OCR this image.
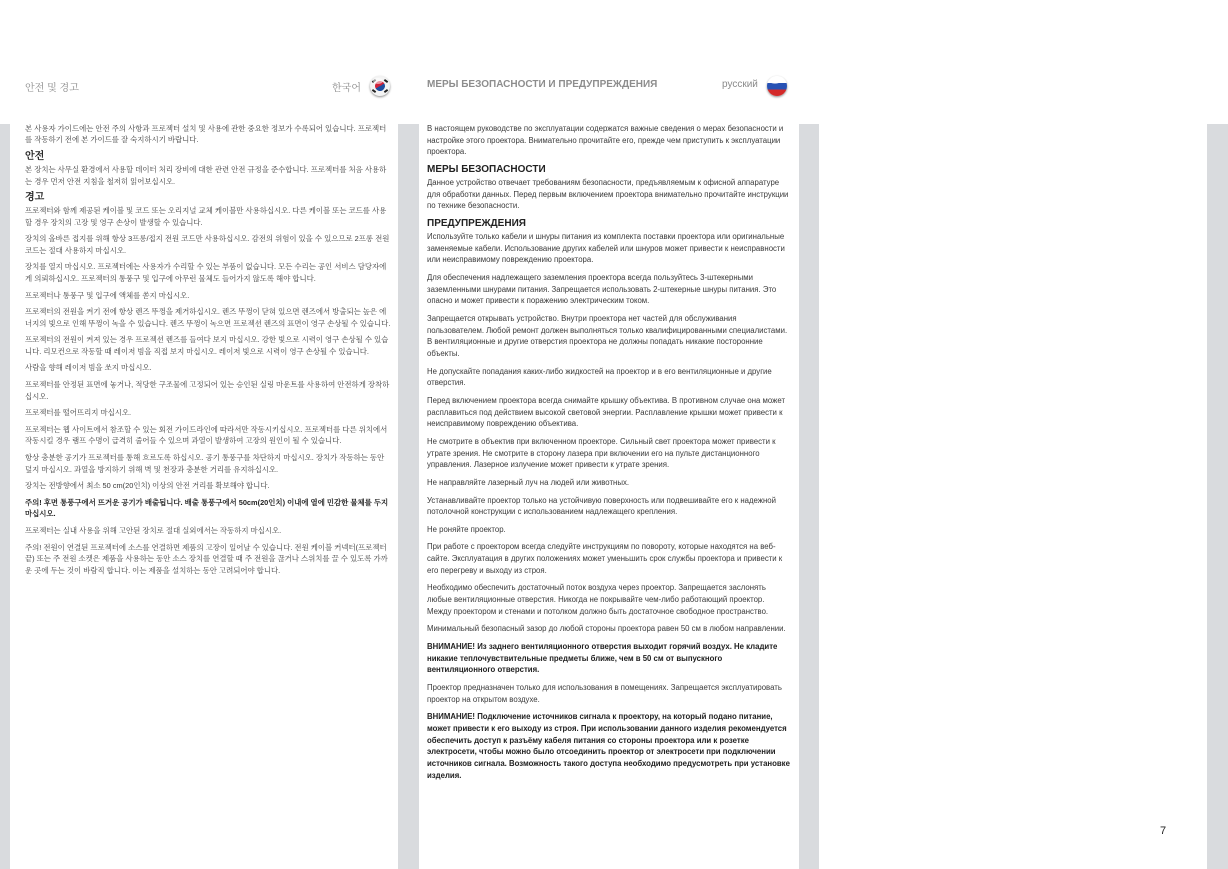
안전 및 경고	한국어	МЕРЫ БЕЗОПАСНОСТИ И ПРЕДУПРЕЖДЕНИЯ	русский

본 사용자 가이드에는 안전 주의 사항과 프로젝터 설치 및 사용에 관한 중요한 정보가 수록되어 있습니다. 프로젝터를 작동하기 전에 본 가이드를 잘 숙지하시기 바랍니다.

안전

본 장치는 사무실 환경에서 사용할 데이터 처리 장비에 대한 관련 안전 규정을 준수합니다. 프로젝터를 처음 사용하는 경우 먼저 안전 지침을 철저히 읽어보십시오.

경고

프로젝터와 함께 제공된 케이블 및 코드 또는 오리지널 교체 케이블만 사용하십시오. 다른 케이블 또는 코드를 사용할 경우 장치의 고장 및 영구 손상이 발생할 수 있습니다.

장치의 올바른 접지를 위해 항상 3프롱/접지 전원 코드만 사용하십시오. 감전의 위험이 있을 수 있으므로 2프롱 전원 코드는 절대 사용하지 마십시오.

장치를 열지 마십시오. 프로젝터에는 사용자가 수리할 수 있는 부품이 없습니다. 모든 수리는 공인 서비스 담당자에게 의뢰하십시오. 프로젝터의 통풍구 및 입구에 아무런 물체도 들어가지 않도록 해야 합니다.

프로젝터나 통풍구 및 입구에 액체를 쏟지 마십시오.

프로젝터의 전원을 켜기 전에 항상 렌즈 뚜껑을 제거하십시오. 렌즈 뚜껑이 닫혀 있으면 렌즈에서 방출되는 높은 에너지의 빛으로 인해 뚜껑이 녹을 수 있습니다. 렌즈 뚜껑이 녹으면 프로젝션 렌즈의 표면이 영구 손상될 수 있습니다.

프로젝터의 전원이 켜져 있는 경우 프로젝션 렌즈를 들여다 보지 마십시오. 강한 빛으로 시력이 영구 손상될 수 있습니다. 리모컨으로 작동할 때 레이저 빔을 직접 보지 마십시오. 레이저 빛으로 시력이 영구 손상될 수 있습니다.

사람을 향해 레이저 빔을 쏘지 마십시오.

프로젝터를 안정된 표면에 놓거나, 적당한 구조물에 고정되어 있는 승인된 실링 마운트를 사용하여 안전하게 장착하십시오.

프로젝터를 떨어뜨리지 마십시오.

프로젝터는 웹 사이트에서 참조할 수 있는 회전 가이드라인에 따라서만 작동시키십시오. 프로젝터를 다른 위치에서 작동시킬 경우 램프 수명이 급격히 줄어들 수 있으며 과열이 발생하여 고장의 원인이 될 수 있습니다.

항상 충분한 공기가 프로젝터를 통해 흐르도록 하십시오. 공기 통풍구를 차단하지 마십시오. 장치가 작동하는 동안 덮지 마십시오. 과열을 방지하기 위해 벽 및 천장과 충분한 거리를 유지하십시오.

장치는 전방향에서 최소 50 cm(20인치) 이상의 안전 거리를 확보해야 합니다.

주의! 후면 통풍구에서 뜨거운 공기가 배출됩니다. 배출 통풍구에서 50cm(20인치) 이내에 열에 민감한 물체를 두지 마십시오.

프로젝터는 실내 사용을 위해 고안된 장치로 절대 실외에서는 작동하지 마십시오.

주의! 전원이 연결된 프로젝터에 소스를 연결하면 제품의 고장이 일어날 수 있습니다. 전원 케이블 커넥터(프로젝터 끝) 또는 주 전원 소켓은 제품을 사용하는 동안 소스 장치를 연결할 때 주 전원을 끊거나 스위치를 끌 수 있도록 가까운 곳에 두는 것이 바람직 합니다. 이는 제품을 설치하는 동안 고려되어야 합니다.

В настоящем руководстве по эксплуатации содержатся важные сведения о мерах безопасности и настройке этого проектора. Внимательно прочитайте его, прежде чем приступить к эксплуатации проектора.

МЕРЫ БЕЗОПАСНОСТИ

Данное устройство отвечает требованиям безопасности, предъявляемым к офисной аппаратуре для обработки данных. Перед первым включением проектора внимательно прочитайте инструкции по технике безопасности.

ПРЕДУПРЕЖДЕНИЯ

Используйте только кабели и шнуры питания из комплекта поставки проектора или оригинальные заменяемые кабели. Использование других кабелей или шнуров может привести к неисправности или неисправимому повреждению проектора.

Для обеспечения надлежащего заземления проектора всегда пользуйтесь 3-штекерными заземленными шнурами питания. Запрещается использовать 2-штекерные шнуры питания. Это опасно и может привести к поражению электрическим током.

Запрещается открывать устройство. Внутри проектора нет частей для обслуживания пользователем. Любой ремонт должен выполняться только квалифицированными специалистами. В вентиляционные и другие отверстия проектора не должны попадать никакие посторонние объекты.

Не допускайте попадания каких-либо жидкостей на проектор и в его вентиляционные и другие отверстия.

Перед включением проектора всегда снимайте крышку объектива. В противном случае она может расплавиться под действием высокой световой энергии. Расплавление крышки может привести к неисправимому повреждению объектива.

Не смотрите в объектив при включенном проекторе. Сильный свет проектора может привести к утрате зрения. Не смотрите в сторону лазера при включении его на пульте дистанционного управления. Лазерное излучение может привести к утрате зрения.

Не направляйте лазерный луч на людей или животных.

Устанавливайте проектор только на устойчивую поверхность или подвешивайте его к надежной потолочной конструкции с использованием надлежащего крепления.

Не роняйте проектор.

При работе с проектором всегда следуйте инструкциям по повороту, которые находятся на веб-сайте. Эксплуатация в других положениях может уменьшить срок службы проектора и привести к его перегреву и выходу из строя.

Необходимо обеспечить достаточный поток воздуха через проектор. Запрещается заслонять любые вентиляционные отверстия. Никогда не покрывайте чем-либо работающий проектор. Между проектором и стенами и потолком должно быть достаточное свободное пространство.

Минимальный безопасный зазор до любой стороны проектора равен 50 см в любом направлении.

ВНИМАНИЕ! Из заднего вентиляционного отверстия выходит горячий воздух. Не кладите никакие теплочувствительные предметы ближе, чем в 50 см от выпускного вентиляционного отверстия.

Проектор предназначен только для использования в помещениях. Запрещается эксплуатировать проектор на открытом воздухе.

ВНИМАНИЕ! Подключение источников сигнала к проектору, на который подано питание, может привести к его выходу из строя. При использовании данного изделия рекомендуется обеспечить доступ к разъёму кабеля питания со стороны проектора или к розетке электросети, чтобы можно было отсоединить проектор от электросети при подключении источников сигнала. Возможность такого доступа необходимо предусмотреть при установке изделия.

7
